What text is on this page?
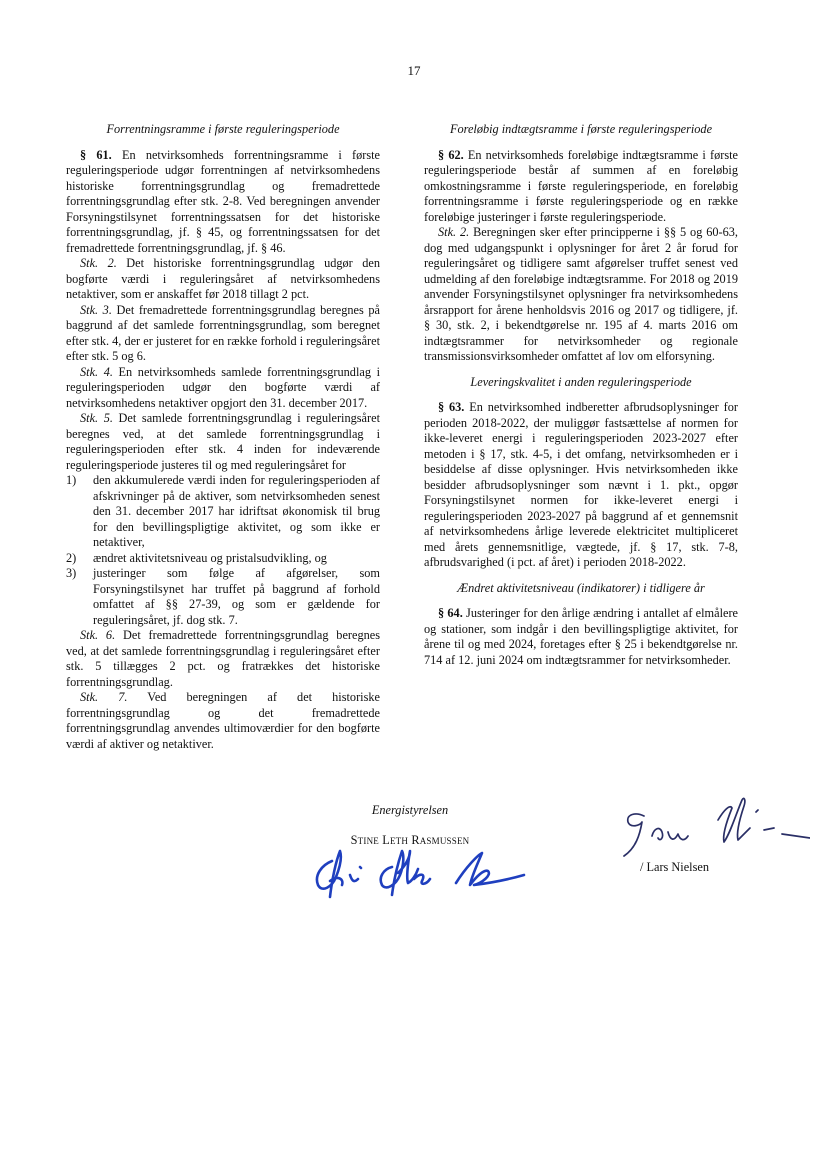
17
Forrentningsramme i første reguleringsperiode

§ 61. En netvirksomheds forrentningsramme i første reguleringsperiode udgør forrentningen af netvirksomhedens historiske forrentningsgrundlag og fremadrettede forrentningsgrundlag efter stk. 2-8. Ved beregningen anvender Forsyningstilsynet forrentningssatsen for det historiske forrentningsgrundlag, jf. § 45, og forrentningssatsen for det fremadrettede forrentningsgrundlag, jf. § 46.

Stk. 2. Det historiske forrentningsgrundlag udgør den bogførte værdi i reguleringsåret af netvirksomhedens netaktiver, som er anskaffet før 2018 tillagt 2 pct.

Stk. 3. Det fremadrettede forrentningsgrundlag beregnes på baggrund af det samlede forrentningsgrundlag, som beregnet efter stk. 4, der er justeret for en række forhold i reguleringsåret efter stk. 5 og 6.

Stk. 4. En netvirksomheds samlede forrentningsgrundlag i reguleringsperioden udgør den bogførte værdi af netvirksomhedens netaktiver opgjort den 31. december 2017.

Stk. 5. Det samlede forrentningsgrundlag i reguleringsåret beregnes ved, at det samlede forrentningsgrundlag i reguleringsperioden efter stk. 4 inden for indeværende reguleringsperiode justeres til og med reguleringsåret for

1)	den akkumulerede værdi inden for reguleringsperioden af afskrivninger på de aktiver, som netvirksomheden senest den 31. december 2017 har idriftsat økonomisk til brug for den bevillingspligtige aktivitet, og som ikke er netaktiver,
2)	ændret aktivitetsniveau og pristalsudvikling, og
3)	justeringer som følge af afgørelser, som Forsyningstilsynet har truffet på baggrund af forhold omfattet af §§ 27-39, og som er gældende for reguleringsåret, jf. dog stk. 7.

Stk. 6. Det fremadrettede forrentningsgrundlag beregnes ved, at det samlede forrentningsgrundlag i reguleringsåret efter stk. 5 tillægges 2 pct. og fratrækkes det historiske forrentningsgrundlag.

Stk. 7. Ved beregningen af det historiske forrentningsgrundlag og det fremadrettede forrentningsgrundlag anvendes ultimoværdier for den bogførte værdi af aktiver og netaktiver.

Foreløbig indtægtsramme i første reguleringsperiode

§ 62. En netvirksomheds foreløbige indtægtsramme i første reguleringsperiode består af summen af en foreløbig omkostningsramme i første reguleringsperiode, en foreløbig forrentningsramme i første reguleringsperiode og en række foreløbige justeringer i første reguleringsperiode.

Stk. 2. Beregningen sker efter principperne i §§ 5 og 60-63, dog med udgangspunkt i oplysninger for året 2 år forud for reguleringsåret og tidligere samt afgørelser truffet senest ved udmelding af den foreløbige indtægtsramme. For 2018 og 2019 anvender Forsyningstilsynet oplysninger fra netvirksomhedens årsrapport for årene henholdsvis 2016 og 2017 og tidligere, jf. § 30, stk. 2, i bekendtgørelse nr. 195 af 4. marts 2016 om indtægtsrammer for netvirksomheder og regionale transmissionsvirksomheder omfattet af lov om elforsyning.

Leveringskvalitet i anden reguleringsperiode

§ 63. En netvirksomhed indberetter afbrudsoplysninger for perioden 2018-2022, der muliggør fastsættelse af normen for ikke-leveret energi i reguleringsperioden 2023-2027 efter metoden i § 17, stk. 4-5, i det omfang, netvirksomheden er i besiddelse af disse oplysninger. Hvis netvirksomheden ikke besidder afbrudsoplysninger som nævnt i 1. pkt., opgør Forsyningstilsynet normen for ikke-leveret energi i reguleringsperioden 2023-2027 på baggrund af et gennemsnit af netvirksomhedens årlige leverede elektricitet multipliceret med årets gennemsnitlige, vægtede, jf. § 17, stk. 7-8, afbrudsvarighed (i pct. af året) i perioden 2018-2022.

Ændret aktivitetsniveau (indikatorer) i tidligere år

§ 64. Justeringer for den årlige ændring i antallet af elmålere og stationer, som indgår i den bevillingspligtige aktivitet, for årene til og med 2024, foretages efter § 25 i bekendtgørelse nr. 714 af 12. juni 2024 om indtægtsrammer for netvirksomheder.

Energistyrelsen
Stine Leth Rasmussen
/ Lars Nielsen
